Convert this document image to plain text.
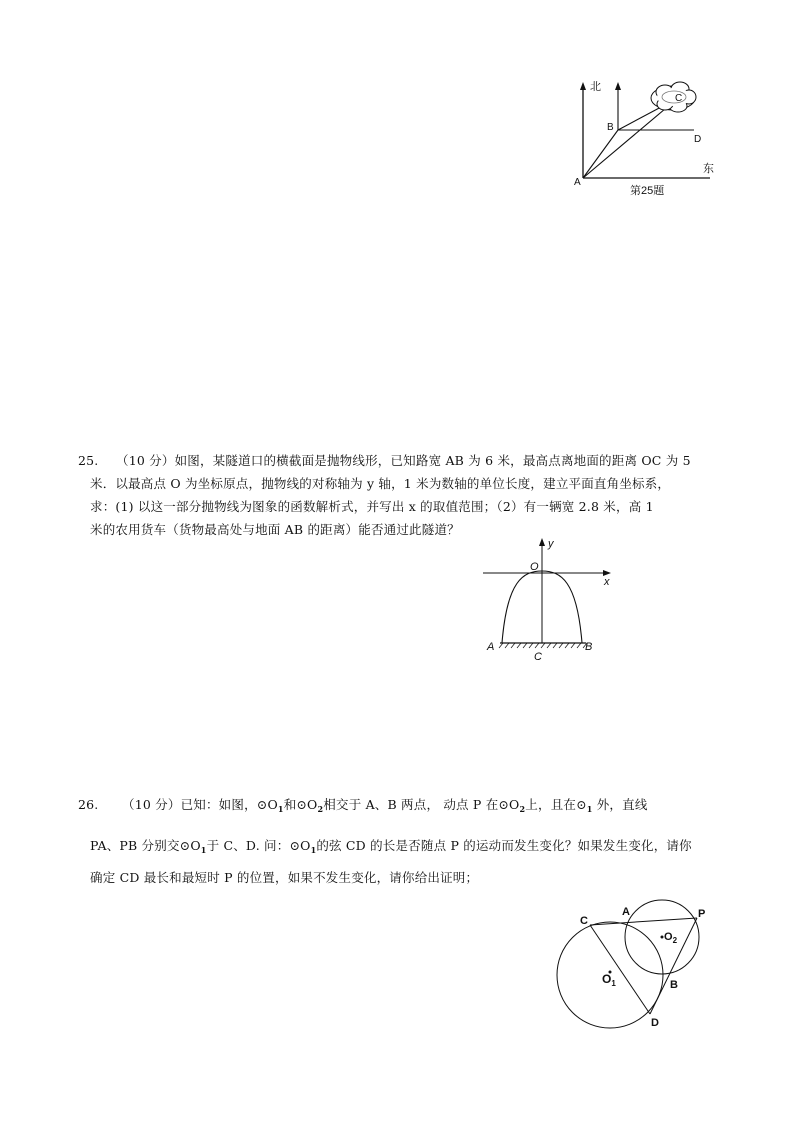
北
东
A
B
C
D
第25题
25. （10 分）如图，某隧道口的横截面是抛物线形，已知路宽 AB 为 6 米，最高点离地面的距离 OC 为 5
米．以最高点 O 为坐标原点，抛物线的对称轴为 y 轴，1 米为数轴的单位长度，建立平面直角坐标系，
求：(1) 以这一部分抛物线为图象的函数解析式，并写出 x 的取值范围；（2）有一辆宽 2.8 米，高 1
米的农用货车（货物最高处与地面 AB 的距离）能否通过此隧道？
y
x
O
A	B
C
26. （10 分）已知：如图，$⊙O_1$和$⊙O_2$相交于 A、B 两点， 动点 P 在$⊙O_2$上，且在$⊙_1$ 外，直线
PA、PB 分别交$⊙O_1$于 C、D. 问：$⊙O_1$的弦 CD 的长是否随点 P 的运动而发生变化？如果发生变化，请你
确定 CD 最长和最短时 P 的位置，如果不发生变化，请你给出证明；
C
A	P
$O_2$
$O_1$	B
D
